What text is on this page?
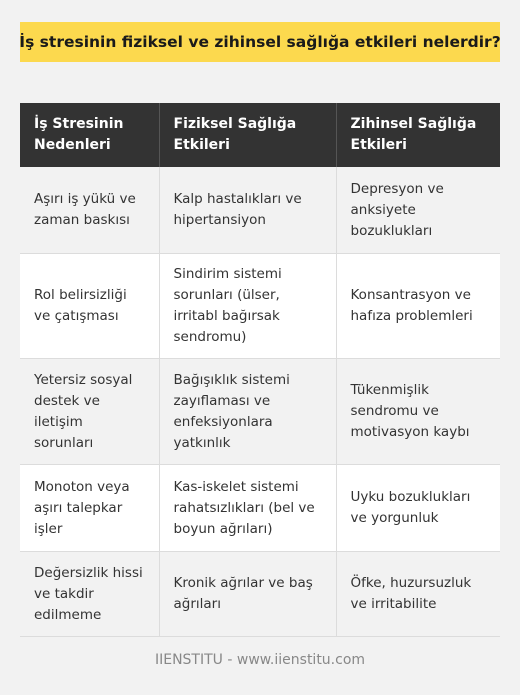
İş stresinin fiziksel ve zihinsel sağlığa etkileri nelerdir?
İş Stresinin Nedenleri	Fiziksel Sağlığa Etkileri	Zihinsel Sağlığa Etkileri
Aşırı iş yükü ve zaman baskısı	Kalp hastalıkları ve hipertansiyon	Depresyon ve anksiyete bozuklukları
Rol belirsizliği ve çatışması	Sindirim sistemi sorunları (ülser, irritabl bağırsak sendromu)	Konsantrasyon ve hafıza problemleri
Yetersiz sosyal destek ve iletişim sorunları	Bağışıklık sistemi zayıflaması ve enfeksiyonlara yatkınlık	Tükenmişlik sendromu ve motivasyon kaybı
Monoton veya aşırı talepkar işler	Kas-iskelet sistemi rahatsızlıkları (bel ve boyun ağrıları)	Uyku bozuklukları ve yorgunluk
Değersizlik hissi ve takdir edilmeme	Kronik ağrılar ve baş ağrıları	Öfke, huzursuzluk ve irritabilite
IIENSTITU - www.iienstitu.com
